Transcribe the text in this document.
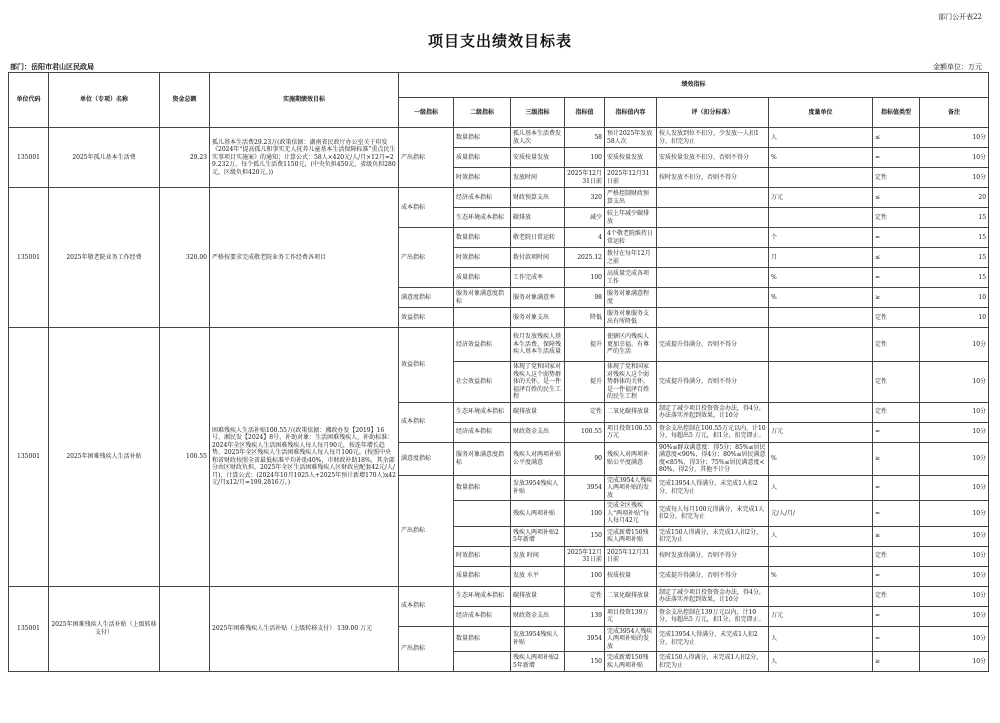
部门公开表22
项目支出绩效目标表
部门：岳阳市君山区民政局	金额单位：万元
单位代码	单位（专项）名称	资金总额	实施期绩效目标	绩效指标								
				一级指标	二级指标	三级指标	指标值	指标值内容	评（扣分标准）	度量单位	指标值类型	备注
135001	2025年孤儿基本生活费	29.23	孤儿基本生活费29.23万(政策依据：湖南省民政厅办公室关于印发《2024年“提高孤儿和事实无人抚养儿童基本生活保障标准”重点民生实事项目实施案》的通知；计算公式：58人×420元/人/月×12月=29.232万，每个孤儿生活费1150元，(中央负担450元，省级负担280元，区级负担420元。))	产出指标	数量指标	孤儿基本生活费发放人次	58	预计2025年发放58人次	按人发放到位不扣分，少发放一人扣1分，扣完为止	人	≤	10分
					质量指标	安质按量发放	100	安质按量发放	安质按量发放不扣分，否则不得分	%	=	10分
					时效指标	发放时间	2025年12月31日前	2025年12月31日前	按时发放不扣分，否则不得分		定性	10分
135001	2025年敬老院业务工作经费	320.00	严格按要求完成敬老院业务工作经费各项目	成本指标	经济成本指标	财政预算支出	320	严格控制财政预算支出		万元	≤	20
					生态环境成本指标	碳排放	减少	较上年减少碳排放			定性	15
				产出指标	数量指标	敬老院日常运转	4	4个敬老院维持日常运转		个	=	15
					时效指标	拨付款项时间	2025.12	拨付在每年12月之前		月	≤	15
					质量指标	工作完成率	100	高质量完成各项工作		%	=	15
				满意度指标	服务对象满意度指标	服务对象满意率	98	服务对象满意程度		%	≥	10
				效益指标		服务对象支出	降低	服务对象服务支出有所降低			定性	10
135001	2025年困难残疾人生活补贴	100.55	困难残疾人生活补贴100.55万(政策依据：湘政办发【2019】16号、湘民发【2024】8号，补助对象：生活困难残疾人，补助标准：2024年全区残疾人生活困难残疾人每人每月90元，按连年增长趋势，2025年全区残疾人生活困难残疾人每人每月100元。(按照中央和省财政按照全省最低标准平均补助40%，市财政补助18%，其余部分由区财政负担，2025年全区生活困难残疾人区财政应配套42元/人/月)，计算公式：(2024年10月1925人+2025年预计新增170人)x42元/月x12/月=199.2816万。)	效益指标	经济效益指标	按月发放残疾人基本生活费，保障残疾人基本生活质量	提升	使辖区内残疾人更加幸福、有尊严的生活	完成提升得满分，否则不得分		定性	10分
					社会效益指标	体现了党和国家对残疾人这个弱势群体的关怀，是一件福泽百姓的民生工程	提升	体现了党和国家对残疾人这个弱势群体的关怀，是一件福泽百姓的民生工程	完成提升得满分，否则不得分		定性	10分
				成本指标	生态环境成本指标	碳排放量	定性	二氧化碳排放量	制定了减少项目投资资金办法，得4分，办法落实并起到效果，计10分		定性	10分
					经济成本指标	财政资金支出	100.55	项目投资100.55万元	资金支出控制在100.55万元以内，计10分，每超出5 万元，扣1分，扣完即止。	万元	=	10分
				满意度指标	服务对象满意度指标	残疾人对两项补贴公平度满意	90	残疾人对两项补贴公平度满意	90%≤群众满意度：得5分；85%≤居民满意度<90%，得4分；80%≤居民满意度<85%，得3分；75%≤居民满意度<80%，得2分，其他不计分	%	≥	10分
				产出指标	数量指标	发放3954残疾人补贴	3954	完成3954人残疾人两项补贴的发放	完成13954人得满分，未完成1人扣2分，扣完为止	人	=	10分
						残疾人两项补贴	100	完成全区残疾人“两项补贴”每人每月42元	完成每人每月100元得满分，未完成1人扣2分，扣完为止	元/人/月/	=	10分
						残疾人两项补贴25年新增	150	完成新增150残疾人两项补贴	完成150人得满分，未完成1人扣2分，扣完为止	人	≥	10分
					时效指标	发放 时间	2025年12月31日前	2025年12月31日前	按时发放得满分，否则不得分		定性	10分
					质量指标	发放 水平	100	按质按量	完成提升得满分，否则不得分	%	=	10分
135001	2025年困难残疾人生活补贴（上级转移支付）		2025年困难残疾人生活补贴（上级转移支付） 139.00 万元	成本指标	生态环境成本指标	碳排放量	定性	二氧化碳排放量	制定了减少项目投资资金办法，得4分，办法落实并起到效果，计10分		定性	10分
					经济成本指标	财政资金支出	139	项目投资139万元	资金支出控制在139万元以内，计10分，每超出5 万元，扣1分，扣完即止。	万元	=	10分
				产出指标	数量指标	发放3954残疾人补贴	3954	完成3954人残疾人两项补贴的发放	完成13954人得满分，未完成1人扣2分，扣完为止	人	=	10分
						残疾人两项补贴25年新增	150	完成新增150残疾人两项补贴	完成150人得满分，未完成1人扣2分，扣完为止	人	≥	10分
